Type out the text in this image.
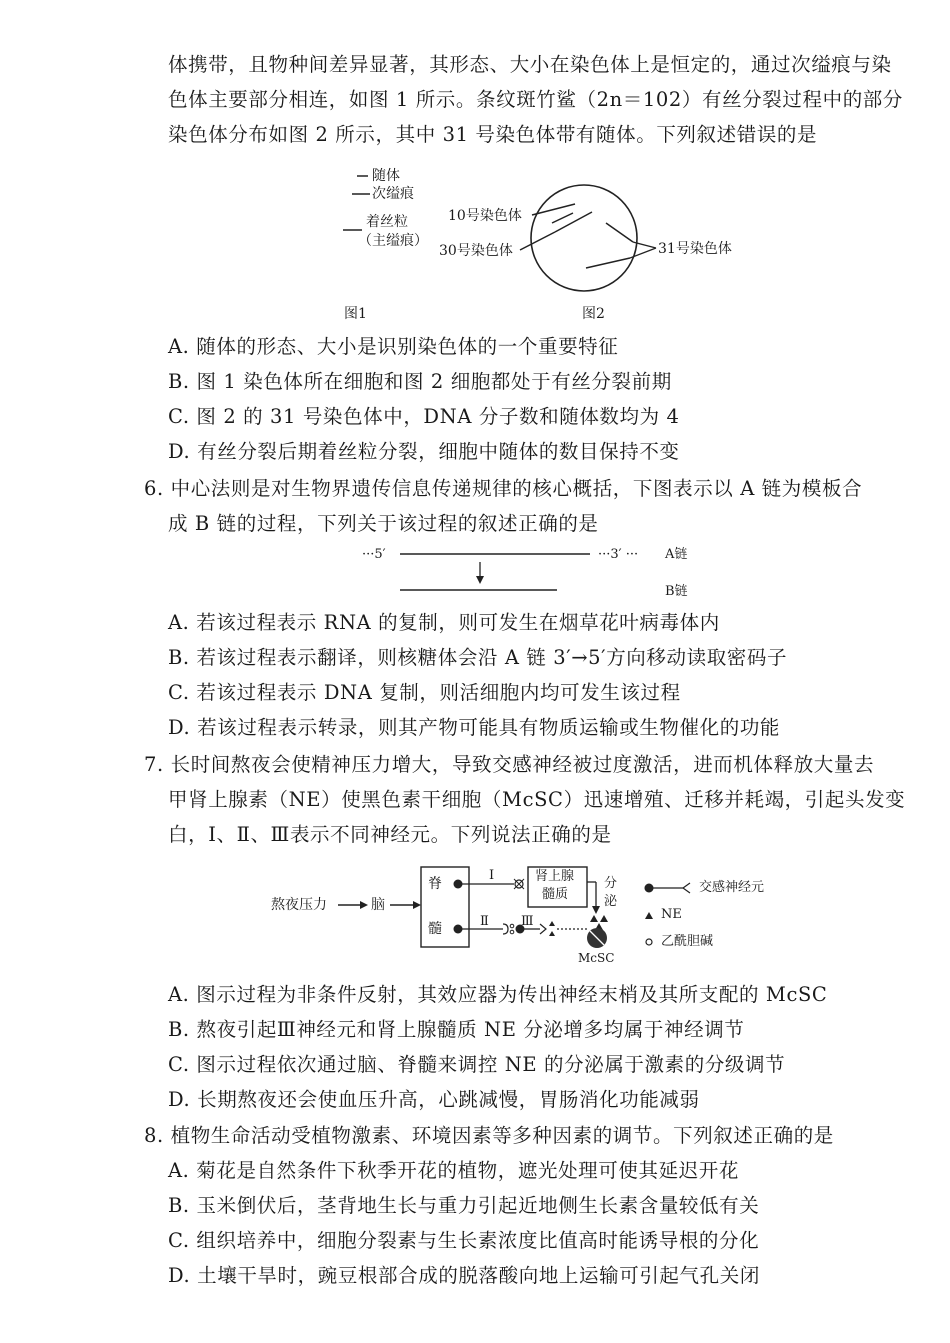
体携带，且物种间差异显著，其形态、大小在染色体上是恒定的，通过次缢痕与染
色体主要部分相连，如图 1 所示。条纹斑竹鲨（2n＝102）有丝分裂过程中的部分
染色体分布如图 2 所示，其中 31 号染色体带有随体。下列叙述错误的是
随体
次缢痕
着丝粒
（主缢痕）
图1
10号染色体
30号染色体	31号染色体
图2
A. 随体的形态、大小是识别染色体的一个重要特征
B. 图 1 染色体所在细胞和图 2 细胞都处于有丝分裂前期
C. 图 2 的 31 号染色体中，DNA 分子数和随体数均为 4
D. 有丝分裂后期着丝粒分裂，细胞中随体的数目保持不变
6. 中心法则是对生物界遗传信息传递规律的核心概括，下图表示以 A 链为模板合
成 B 链的过程，下列关于该过程的叙述正确的是
···5′	···3′ ··· A链
B链
A. 若该过程表示 RNA 的复制，则可发生在烟草花叶病毒体内
B. 若该过程表示翻译，则核糖体会沿 A 链 3′→5′方向移动读取密码子
C. 若该过程表示 DNA 复制，则活细胞内均可发生该过程
D. 若该过程表示转录，则其产物可能具有物质运输或生物催化的功能
7. 长时间熬夜会使精神压力增大，导致交感神经被过度激活，进而机体释放大量去
甲肾上腺素（NE）使黑色素干细胞（McSC）迅速增殖、迁移并耗竭，引起头发变
白，Ⅰ、Ⅱ、Ⅲ表示不同神经元。下列说法正确的是
熬夜压力	脑
脊
髓
Ⅰ
Ⅱ Ⅲ
肾上腺
髓质
分
泌
McSC
交感神经元
NE
乙酰胆碱
A. 图示过程为非条件反射，其效应器为传出神经末梢及其所支配的 McSC
B. 熬夜引起Ⅲ神经元和肾上腺髓质 NE 分泌增多均属于神经调节
C. 图示过程依次通过脑、脊髓来调控 NE 的分泌属于激素的分级调节
D. 长期熬夜还会使血压升高，心跳减慢，胃肠消化功能减弱
8. 植物生命活动受植物激素、环境因素等多种因素的调节。下列叙述正确的是
A. 菊花是自然条件下秋季开花的植物，遮光处理可使其延迟开花
B. 玉米倒伏后，茎背地生长与重力引起近地侧生长素含量较低有关
C. 组织培养中，细胞分裂素与生长素浓度比值高时能诱导根的分化
D. 土壤干旱时，豌豆根部合成的脱落酸向地上运输可引起气孔关闭
